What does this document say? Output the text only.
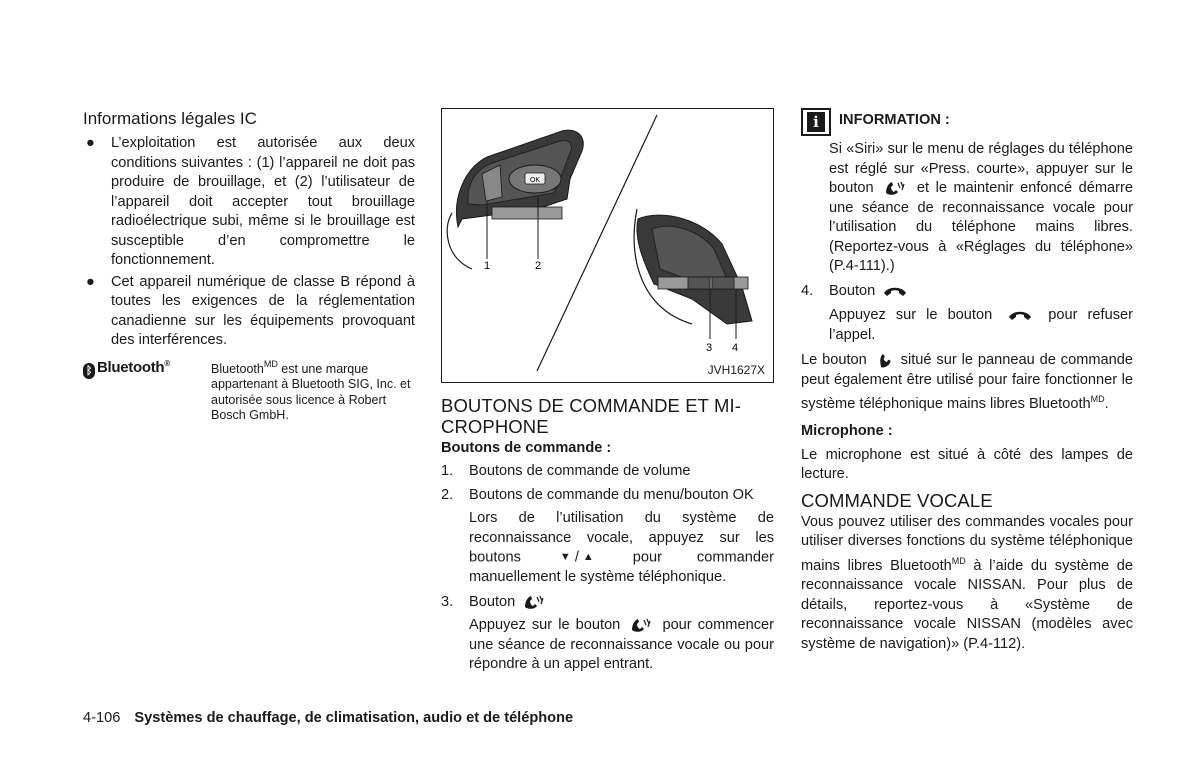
Informations légales IC
● L’exploitation est autorisée aux deux conditions suivantes : (1) l’appareil ne doit pas produire de brouillage, et (2) l’utilisateur de l’appareil doit accepter tout brouillage radioélectrique subi, même si le brouillage est susceptible d’en compromettre le fonctionnement.
● Cet appareil numérique de classe B répond à toutes les exigences de la réglementation canadienne sur les équipements provoquant des interférences.
ᛒ Bluetooth®	Bluetooth$^{MD}$ est une marque appartenant à Bluetooth SIG, Inc. et autorisée sous licence à Robert Bosch GmbH.
OK
1	2
3 4
JVH1627X
BOUTONS DE COMMANDE ET MI-
CROPHONE

Boutons de commande :

1. Boutons de commande de volume
2. Boutons de commande du menu/bouton OK

Lors de l’utilisation du système de reconnaissance vocale, appuyez sur les boutons	▼ / ▲	pour commander manuellement le système téléphonique.

3. Bouton

Appuyez sur le bouton	pour commencer une séance de reconnaissance vocale ou pour répondre à un appel entrant.

i	INFORMATION :

Si «Siri» sur le menu de réglages du téléphone est réglé sur «Press. courte», appuyer sur le bouton	et le maintenir enfoncé démarre une séance de reconnaissance vocale pour l’utilisation du téléphone mains libres. (Reportez-vous à «Réglages du téléphone» (P.4-111).)

4. Bouton

Appuyez sur le bouton	pour refuser l’appel.

Le bouton situé sur le panneau de commande peut également être utilisé pour faire fonctionner le système téléphonique mains libres Bluetooth$^{MD}$.

Microphone :

Le microphone est situé à côté des lampes de lecture.

COMMANDE VOCALE

Vous pouvez utiliser des commandes vocales pour utiliser diverses fonctions du système téléphonique mains libres Bluetooth$^{MD}$ à l’aide du système de reconnaissance vocale NISSAN. Pour plus de détails, reportez-vous à «Système de reconnaissance vocale NISSAN (modèles avec système de navigation)» (P.4-112).

4-106 Systèmes de chauffage, de climatisation, audio et de téléphone
